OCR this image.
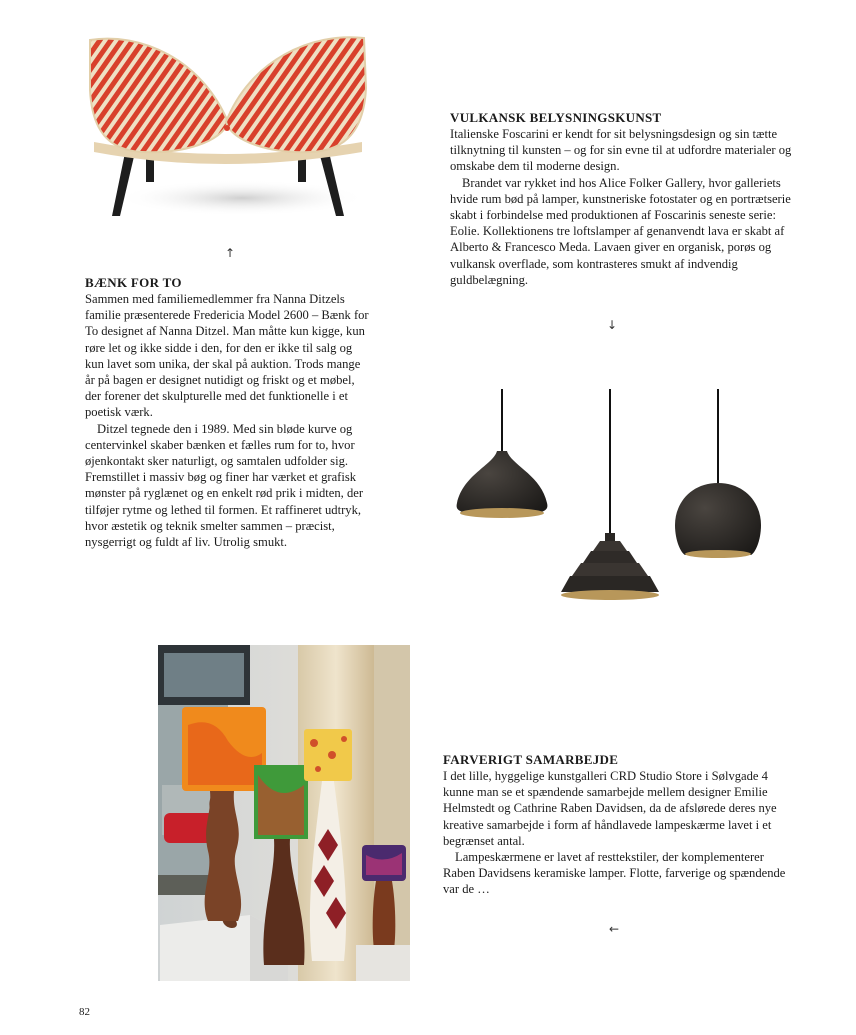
↑
BÆNK FOR TO

Sammen med familiemedlemmer fra Nanna Ditzels familie præsenterede Fredericia Model 2600 – Bænk for To designet af Nanna Ditzel. Man måtte kun kigge, kun røre let og ikke sidde i den, for den er ikke til salg og kun lavet som unika, der skal på auktion. Trods mange år på bagen er designet nutidigt og friskt og et møbel, der forener det skulpturelle med det funktionelle i et poetisk værk.

Ditzel tegnede den i 1989. Med sin bløde kurve og centervinkel skaber bænken et fælles rum for to, hvor øjenkontakt sker naturligt, og samtalen udfolder sig. Fremstillet i massiv bøg og finer har værket et grafisk mønster på ryglænet og en enkelt rød prik i midten, der tilføjer rytme og lethed til formen. Et raffineret udtryk, hvor æstetik og teknik smelter sammen – præcist, nysgerrigt og fuldt af liv. Utrolig smukt.

VULKANSK BELYSNINGSKUNST

Italienske Foscarini er kendt for sit belysningsdesign og sin tætte tilknytning til kunsten – og for sin evne til at udfordre materialer og omskabe dem til moderne design.

Brandet var rykket ind hos Alice Folker Gallery, hvor galleriets hvide rum bød på lamper, kunstneriske fotostater og en portrætserie skabt i forbindelse med produktionen af Foscarinis seneste serie: Eolie. Kollektionens tre loftslamper af genanvendt lava er skabt af Alberto & Francesco Meda. Lavaen giver en organisk, porøs og vulkansk overflade, som kontrasteres smukt af indvendig guldbelægning.

↓
FARVERIGT SAMARBEJDE

I det lille, hyggelige kunstgalleri CRD Studio Store i Sølvgade 4 kunne man se et spændende samarbejde mellem designer Emilie Helmstedt og Cathrine Raben Davidsen, da de afslørede deres nye kreative samarbejde i form af håndlavede lampeskærme lavet i et begrænset antal.

Lampeskærmene er lavet af resttekstiler, der komplementerer Raben Davidsens keramiske lamper. Flotte, farverige og spændende var de …

←
82
